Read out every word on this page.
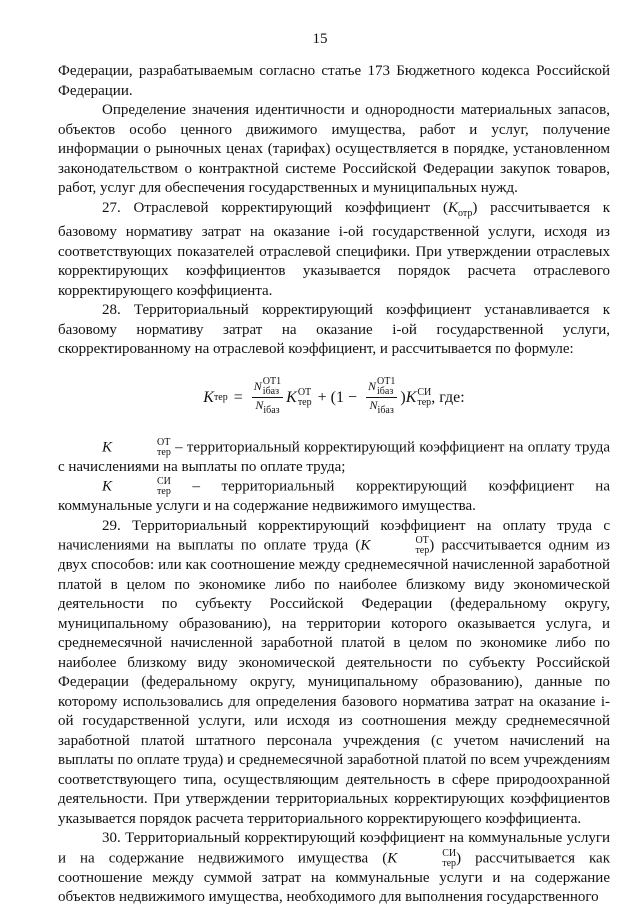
15

Федерации, разрабатываемым согласно статье 173 Бюджетного кодекса Российской Федерации.

Определение значения идентичности и однородности материальных запасов, объектов особо ценного движимого имущества, работ и услуг, получение информации о рыночных ценах (тарифах) осуществляется в порядке, установленном законодательством о контрактной системе Российской Федерации закупок товаров, работ, услуг для обеспечения государственных и муниципальных нужд.

27. Отраслевой корректирующий коэффициент $(K_{отр})$ рассчитывается к базовому нормативу затрат на оказание i-ой государственной услуги, исходя из соответствующих показателей отраслевой специфики. При утверждении отраслевых корректирующих коэффициентов указывается порядок расчета отраслевого корректирующего коэффициента.

28. Территориальный корректирующий коэффициент устанавливается к базовому нормативу затрат на оказание i-ой государственной услуги, скорректированному на отраслевой коэффициент, и рассчитывается по формуле:

K тер = N ОТ1
iбаз
$N_{iбаз}$ K ОТ
тер + (1 − N ОТ1
iбаз
$N_{iбаз}$ ) K СИ
тер , где:

K	ОТ
тер – территориальный корректирующий коэффициент на оплату труда с начислениями на выплаты по оплате труда;

K	СИ
тер – территориальный корректирующий коэффициент на коммунальные услуги и на содержание недвижимого имущества.

29. Территориальный корректирующий коэффициент на оплату труда с начислениями на выплаты по оплате труда (K	ОТ
тер ) рассчитывается одним из двух способов: или как соотношение между среднемесячной начисленной заработной платой в целом по экономике либо по наиболее близкому виду экономической деятельности по субъекту Российской Федерации (федеральному округу, муниципальному образованию), на территории которого оказывается услуга, и среднемесячной начисленной заработной платой в целом по экономике либо по наиболее близкому виду экономической деятельности по субъекту Российской Федерации (федеральному округу, муниципальному образованию), данные по которому использовались для определения базового норматива затрат на оказание i-ой государственной услуги, или исходя из соотношения между среднемесячной заработной платой штатного персонала учреждения (с учетом начислений на выплаты по оплате труда) и среднемесячной заработной платой по всем учреждениям соответствующего типа, осуществляющим деятельность в сфере природоохранной деятельности. При утверждении территориальных корректирующих коэффициентов указывается порядок расчета территориального корректирующего коэффициента.

30. Территориальный корректирующий коэффициент на коммунальные услуги и на содержание недвижимого имущества (K	СИ
тер ) рассчитывается как соотношение между суммой затрат на коммунальные услуги и на содержание объектов недвижимого имущества, необходимого для выполнения государственного
